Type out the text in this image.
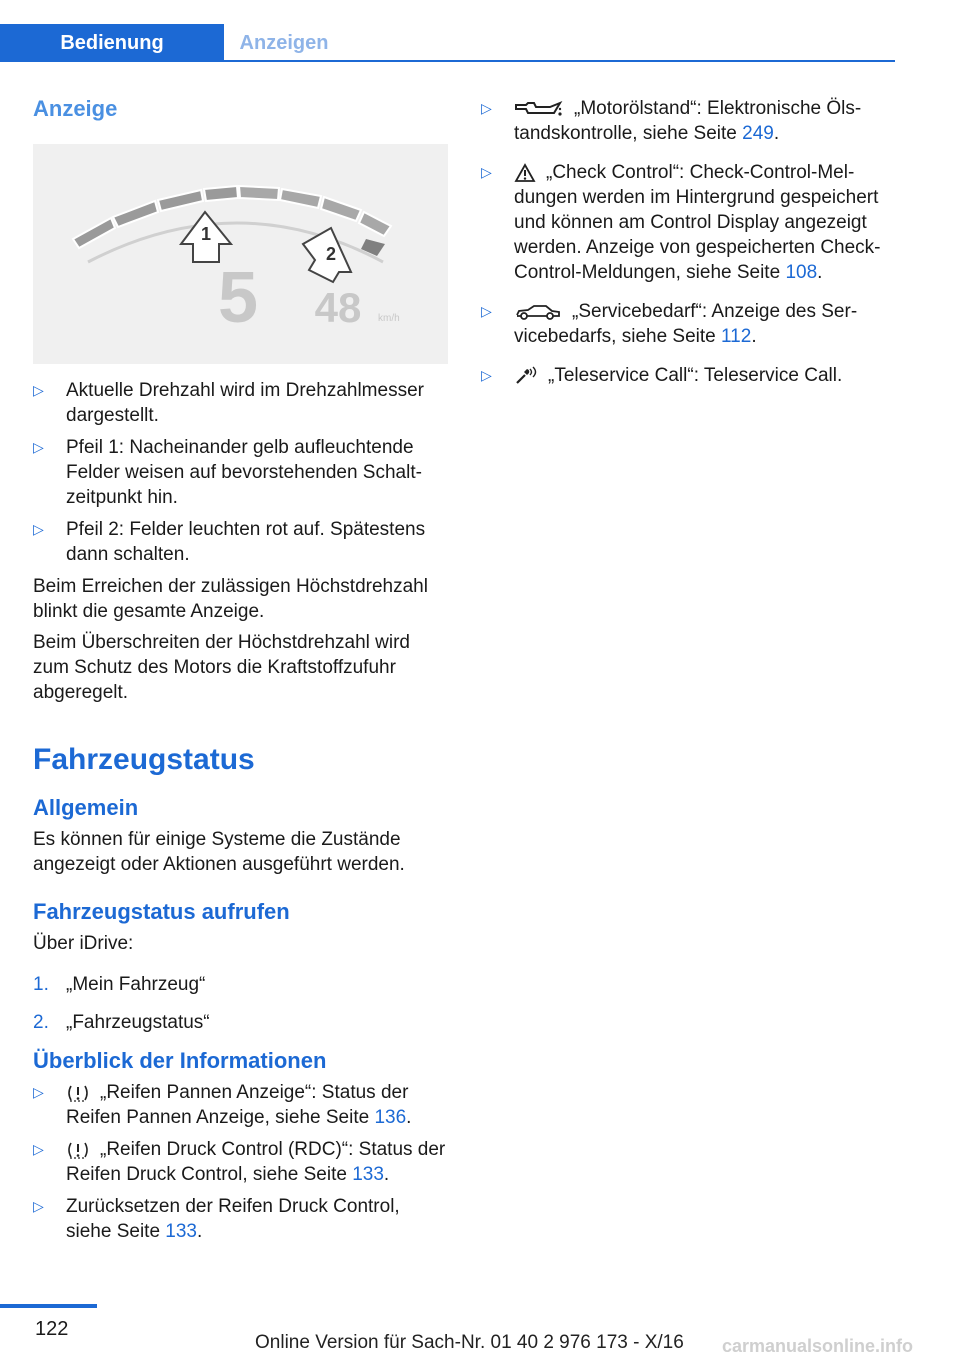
Bedienung	Anzeigen
Anzeige
1
2
5 48 km/h
▷ Aktuelle Drehzahl wird im Drehzahlmesser dargestellt.
▷ Pfeil 1: Nacheinander gelb aufleuchtende Felder weisen auf bevorstehenden Schaltzeitpunkt hin.
▷ Pfeil 2: Felder leuchten rot auf. Spätestens dann schalten.

Beim Erreichen der zulässigen Höchstdrehzahl blinkt die gesamte Anzeige.

Beim Überschreiten der Höchstdrehzahl wird zum Schutz des Motors die Kraftstoffzufuhr abgeregelt.

Fahrzeugstatus
Allgemein

Es können für einige Systeme die Zustände angezeigt oder Aktionen ausgeführt werden.

Fahrzeugstatus aufrufen

Über iDrive:

1. „Mein Fahrzeug“
2. „Fahrzeugstatus“
Überblick der Informationen
▷	„Reifen Pannen Anzeige“: Status der Reifen Pannen Anzeige, siehe Seite 136.
▷	„Reifen Druck Control (RDC)“: Status der Reifen Druck Control, siehe Seite 133.
▷ Zurücksetzen der Reifen Druck Control, siehe Seite 133.
▷	„Motorölstand“: Elektronische Ölstandskontrolle, siehe Seite 249.
▷	„Check Control“: Check-Control-Meldungen werden im Hintergrund gespeichert und können am Control Display angezeigt werden. Anzeige von gespeicherten Check-Control-Meldungen, siehe Seite 108.
▷	„Servicebedarf“: Anzeige des Servicebedarfs, siehe Seite 112.
▷	„Teleservice Call“: Teleservice Call.
122
Online Version für Sach-Nr. 01 40 2 976 173 - X/16 carmanualsonline.info
